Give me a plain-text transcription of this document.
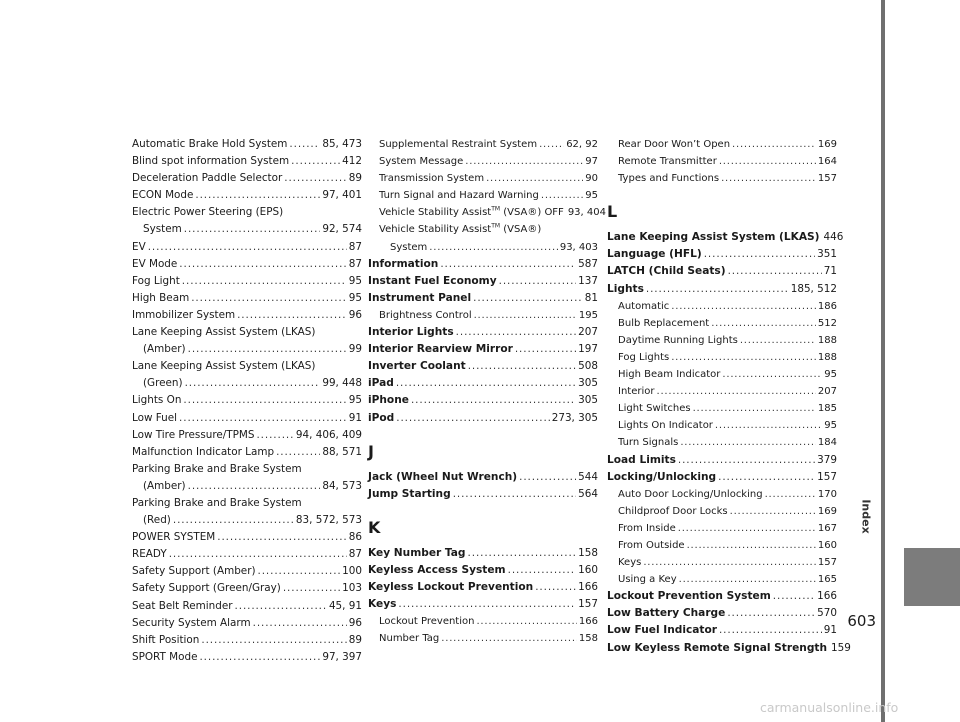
Automatic Brake Hold System . . .	85, 473
Blind spot information System . . .	412
Deceleration Paddle Selector . . .	89
ECON Mode . . .	97, 401
Electric Power Steering (EPS)
System . . .	92, 574
EV . . .	87
EV Mode . . .	87
Fog Light . . .	95
High Beam . . .	95
Immobilizer System . . .	96
Lane Keeping Assist System (LKAS)
(Amber) . . .	99
Lane Keeping Assist System (LKAS)
(Green) . . .	99, 448
Lights On . . .	95
Low Fuel . . .	91
Low Tire Pressure/TPMS . . .	94, 406, 409
Malfunction Indicator Lamp . . .	88, 571
Parking Brake and Brake System
(Amber) . . .	84, 573
Parking Brake and Brake System
(Red) . . .	83, 572, 573
POWER SYSTEM . . .	86
READY . . .	87
Safety Support (Amber) . . .	100
Safety Support (Green/Gray) . . .	103
Seat Belt Reminder . . .	45, 91
Security System Alarm . . .	96
Shift Position . . .	89
SPORT Mode . . .	97, 397
Supplemental Restraint System . . .	62, 92
System Message . . .	97
Transmission System . . .	90
Turn Signal and Hazard Warning . . .	95
Vehicle Stability Assist™ (VSA®) OFF 93, 404
Vehicle Stability Assist™ (VSA®)
System . . .	93, 403
Information . . .	587
Instant Fuel Economy . . .	137
Instrument Panel . . .	81
Brightness Control . . .	195
Interior Lights . . .	207
Interior Rearview Mirror . . .	197
Inverter Coolant . . .	508
iPad . . .	305
iPhone . . .	305
iPod . . .	273, 305
J
Jack (Wheel Nut Wrench) . . .	544
Jump Starting . . .	564
K
Key Number Tag . . .	158
Keyless Access System . . .	160
Keyless Lockout Prevention . . .	166
Keys . . .	157
Lockout Prevention . . .	166
Number Tag . . .	158
Rear Door Won’t Open . . .	169
Remote Transmitter . . .	164
Types and Functions . . .	157
L
Lane Keeping Assist System (LKAS) 446
Language (HFL) . . .	351
LATCH (Child Seats) . . .	71
Lights . . .	185, 512
Automatic . . .	186
Bulb Replacement . . .	512
Daytime Running Lights . . .	188
Fog Lights . . .	188
High Beam Indicator . . .	95
Interior . . .	207
Light Switches . . .	185
Lights On Indicator . . .	95
Turn Signals . . .	184
Load Limits . . .	379
Locking/Unlocking . . .	157
Auto Door Locking/Unlocking . . .	170
Childproof Door Locks . . .	169
From Inside . . .	167
From Outside . . .	160
Keys . . .	157
Using a Key . . .	165
Lockout Prevention System . . .	166
Low Battery Charge . . .	570
Low Fuel Indicator . . .	91
Low Keyless Remote Signal Strength 159
Index
603
carmanualsonline.info
